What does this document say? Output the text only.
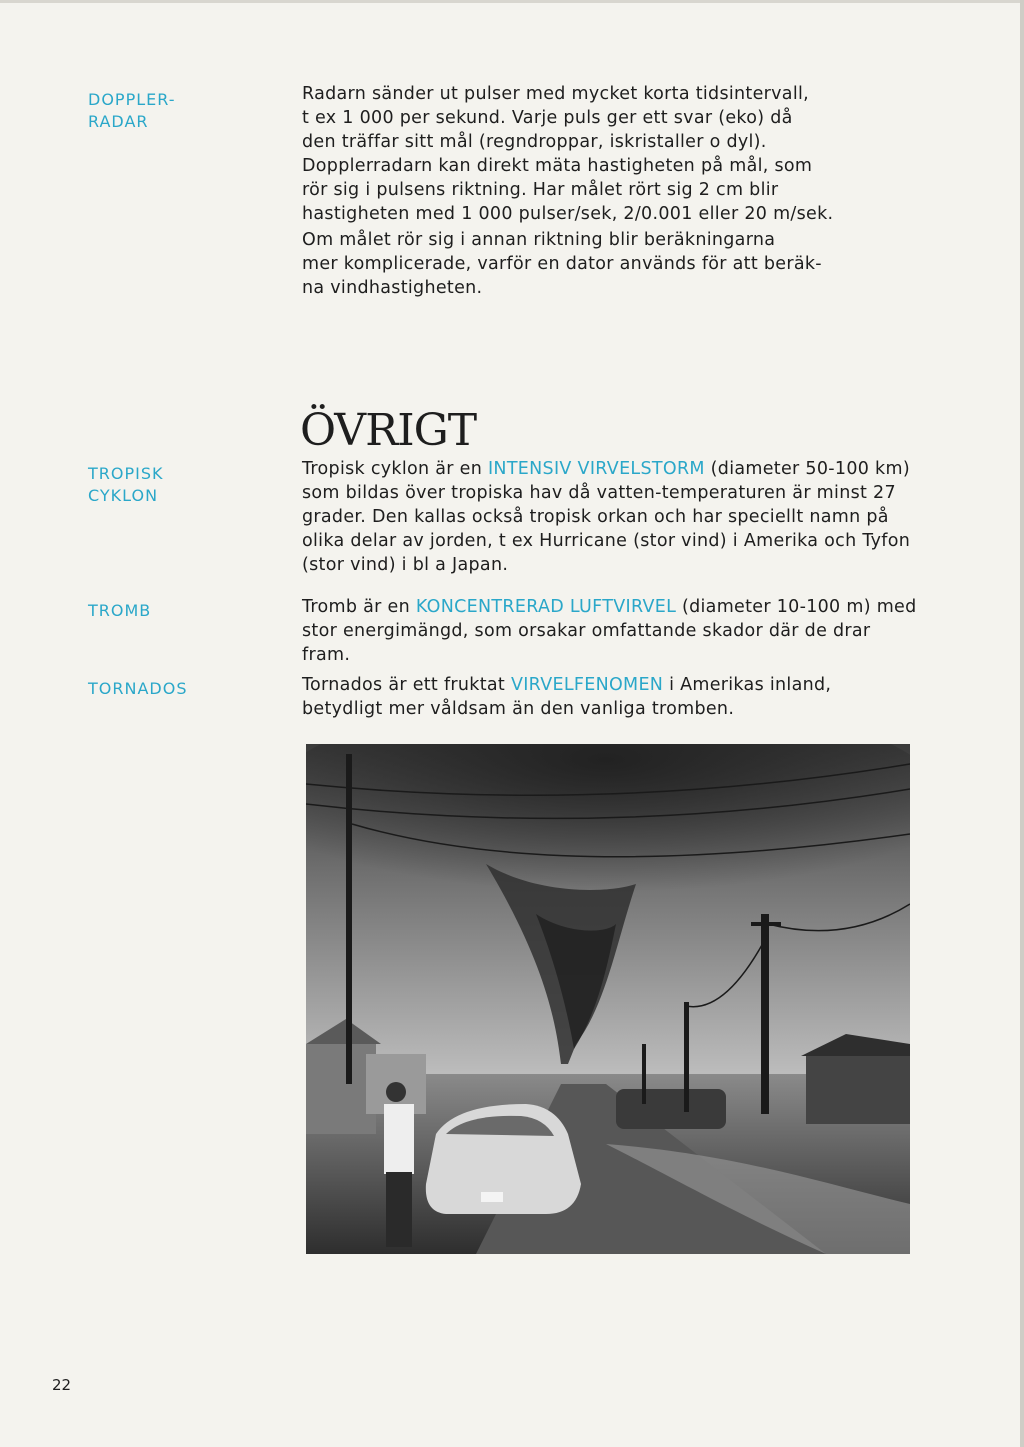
DOPPLER-
RADAR
TROPISK
CYKLON
TROMB
TORNADOS

Radarn sänder ut pulser med mycket korta tidsintervall,

t ex 1 000 per sekund. Varje puls ger ett svar (eko) då

den träffar sitt mål (regndroppar, iskristaller o dyl).

Dopplerradarn kan direkt mäta hastigheten på mål, som

rör sig i pulsens riktning. Har målet rört sig 2 cm blir

hastigheten med 1 000 pulser/sek, 2/0.001 eller 20 m/sek.

Om målet rör sig i annan riktning blir beräkningarna

mer komplicerade, varför en dator används för att beräk-

na vindhastigheten.

ÖVRIGT

Tropisk cyklon är en INTENSIV VIRVELSTORM (diameter 50-100 km) som bildas över tropiska hav då vatten-temperaturen är minst 27 grader. Den kallas också tropisk orkan och har speciellt namn på olika delar av jorden, t ex Hurricane (stor vind) i Amerika och Tyfon (stor vind) i bl a Japan.

Tromb är en KONCENTRERAD LUFTVIRVEL (diameter 10-100 m) med stor energimängd, som orsakar omfattande skador där de drar fram.

Tornados är ett fruktat VIRVELFENOMEN i Amerikas inland, betydligt mer våldsam än den vanliga tromben.

22
